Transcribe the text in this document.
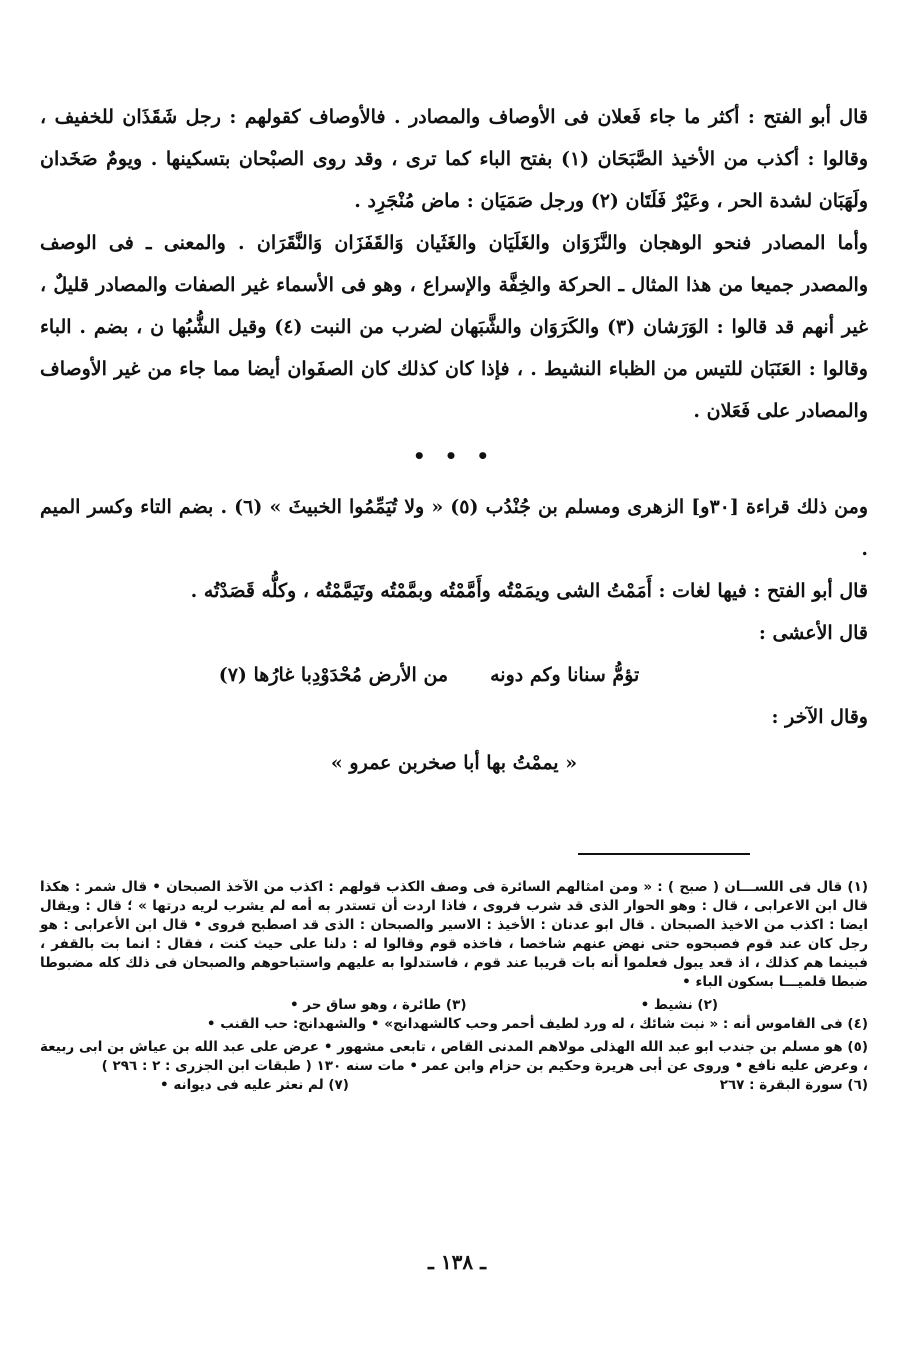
قال أبو الفتح : أكثر ما جاء فَعلان فى الأوصاف والمصادر . فالأوصاف كقولهم : رجل شَقَذَان للخفيف ، وقالوا : أكذب من الأخيذ الصَّبَحَان (١) بفتح الباء كما ترى ، وقد روى الصبْحان بتسكينها . ويومٌ صَخَدان ولَهَبَان لشدة الحر ، وعَيْرٌ فَلَتَان (٢) ورجل صَمَيَان : ماض مُنْجَرِد .

وأما المصادر فنحو الوهجان والنَّزَوَان والغَلَيَان والغَثَيان وَالقَفَزَان وَالنَّقَرَان . والمعنى ـ فى الوصف والمصدر جميعا من هذا المثال ـ الحركة والخِفَّة والإسراع ، وهو فى الأسماء غير الصفات والمصادر قليلٌ ، غير أنهم قد قالوا : الوَرَشان (٣) والكَرَوَان والشَّبَهان لضرب من النبت (٤) وقيل الشُّبُها ن ، بضم . الباء وقالوا : العَنَبَان للتيس من الظباء النشيط . ، فإذا كان كذلك كان الصفَوان أيضا مما جاء من غير الأوصاف والمصادر على فَعَلان .

• • •

ومن ذلك قراءة [٣٠و] الزهرى ومسلم بن جُنْدُب (٥) « ولا تُيَمِّمُوا الخبيثَ » (٦) . بضم التاء وكسر الميم .

قال أبو الفتح : فيها لغات : أَمَمْتُ الشى ويمَمْتُه وأَمَّمْتُه وبمَّمْتُه وتَيَمَّمْتُه ، وكلُّه قَصَدْتُه .

قال الأعشى :

تؤمُّ سنانا وكم دونه
من الأرض مُحْدَوْدِبا غارُها (٧)

وقال الآخر :

« يممْتُ بها أبا صخربن عمرو »

(١) قال فى اللســـان ( صبح ) : « ومن امثالهم السائرة فى وصف الكذب قولهم : اكذب من الآخذ الصبحان • قال شمر : هكذا قال ابن الاعرابى ، قال : وهو الحوار الذى قد شرب فروى ، فاذا اردت أن تستدر به أمه لم يشرب لريه درتها » ؛ قال : ويقال ايضا : اكذب من الاخيذ الصبحان . قال ابو عدنان : الأخيذ : الاسير والصبحان : الذى قد اصطبح فروى • قال ابن الأعرابى : هو رجل كان عند قوم فصبحوه حتى نهض عنهم شاخصا ، فاخذه قوم وقالوا له : دلنا على حيث كنت ، فقال : انما بت بالقفر ، فبينما هم كذلك ، اذ قعد يبول فعلموا أنه بات قريبا عند قوم ، فاستدلوا به عليهم واستباحوهم والصبحان فى ذلك كله مضبوطا ضبطا قلميـــا بسكون الباء •

(٢) نشيط •
(٣) طائرة ، وهو ساق حر •

(٤) فى القاموس أنه : « نبت شائك ، له ورد لطيف أحمر وحب كالشهدانج» • والشهدانج: حب القنب •

(٥) هو مسلم بن جندب ابو عبد الله الهذلى مولاهم المدنى القاص ، تابعى مشهور • عرض على عبد الله بن عياش بن ابى ربيعة ، وعرض عليه نافع • وروى عن أبى هريرة وحكيم بن حزام وابن عمر • مات سنه ١٣٠ ( طبقات ابن الجزرى : ٢ : ٢٩٦ )

(٦) سورة البقرة : ٢٦٧
(٧) لم نعثر عليه فى ديوانه •
ـ ١٣٨ ـ
